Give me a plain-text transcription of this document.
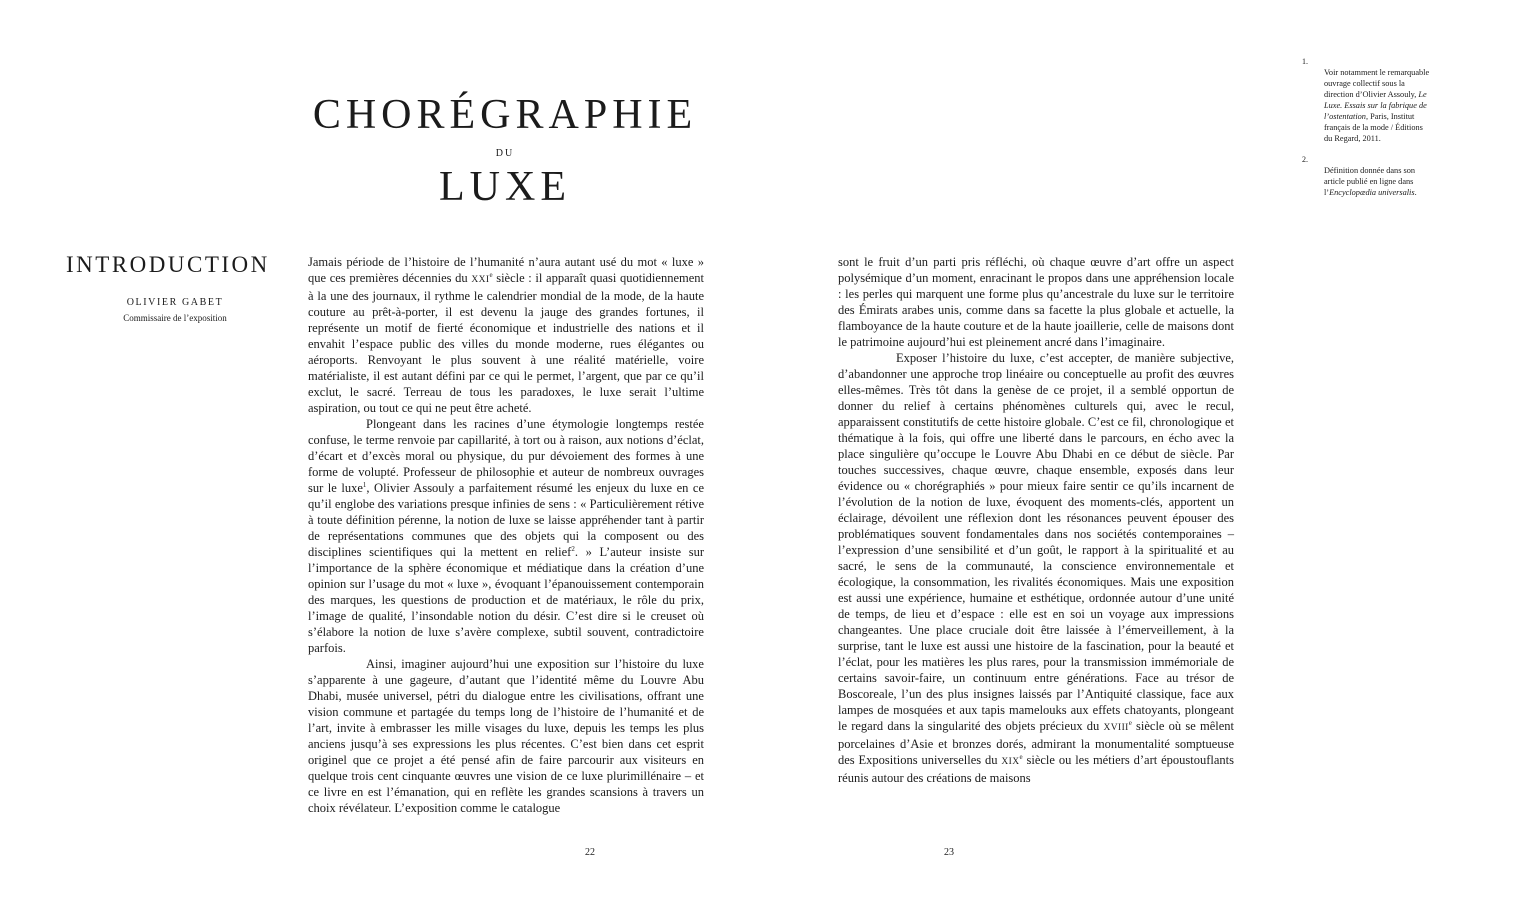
CHORÉGRAPHIE
DU
LUXE
INTRODUCTION
OLIVIER GABET
Commissaire de l’exposition

Jamais période de l’histoire de l’humanité n’aura autant usé du mot « luxe » que ces premières décennies du XXIe siècle : il apparaît quasi quotidiennement à la une des journaux, il rythme le calendrier mondial de la mode, de la haute couture au prêt-à-porter, il est devenu la jauge des grandes fortunes, il représente un motif de fierté économique et industrielle des nations et il envahit l’espace public des villes du monde moderne, rues élégantes ou aéroports. Renvoyant le plus souvent à une réalité matérielle, voire matérialiste, il est autant défini par ce qui le permet, l’argent, que par ce qu’il exclut, le sacré. Terreau de tous les paradoxes, le luxe serait l’ultime aspiration, ou tout ce qui ne peut être acheté.

Plongeant dans les racines d’une étymologie longtemps restée confuse, le terme renvoie par capillarité, à tort ou à raison, aux notions d’éclat, d’écart et d’excès moral ou physique, du pur dévoiement des formes à une forme de volupté. Professeur de philosophie et auteur de nombreux ouvrages sur le luxe$^1$, Olivier Assouly a parfaitement résumé les enjeux du luxe en ce qu’il englobe des variations presque infinies de sens : « Particulièrement rétive à toute définition pérenne, la notion de luxe se laisse appréhender tant à partir de représentations communes que des objets qui la composent ou des disciplines scientifiques qui la mettent en relief$^2$. » L’auteur insiste sur l’importance de la sphère économique et médiatique dans la création d’une opinion sur l’usage du mot « luxe », évoquant l’épanouissement contemporain des marques, les questions de production et de matériaux, le rôle du prix, l’image de qualité, l’insondable notion du désir. C’est dire si le creuset où s’élabore la notion de luxe s’avère complexe, subtil souvent, contradictoire parfois.

Ainsi, imaginer aujourd’hui une exposition sur l’histoire du luxe s’apparente à une gageure, d’autant que l’identité même du Louvre Abu Dhabi, musée universel, pétri du dialogue entre les civilisations, offrant une vision commune et partagée du temps long de l’histoire de l’humanité et de l’art, invite à embrasser les mille visages du luxe, depuis les temps les plus anciens jusqu’à ses expressions les plus récentes. C’est bien dans cet esprit originel que ce projet a été pensé afin de faire parcourir aux visiteurs en quelque trois cent cinquante œuvres une vision de ce luxe plurimillénaire – et ce livre en est l’émanation, qui en reflète les grandes scansions à travers un choix révélateur. L’exposition comme le catalogue

sont le fruit d’un parti pris réfléchi, où chaque œuvre d’art offre un aspect polysémique d’un moment, enracinant le propos dans une appréhension locale : les perles qui marquent une forme plus qu’ancestrale du luxe sur le territoire des Émirats arabes unis, comme dans sa facette la plus globale et actuelle, la flamboyance de la haute couture et de la haute joaillerie, celle de maisons dont le patrimoine aujourd’hui est pleinement ancré dans l’imaginaire.

Exposer l’histoire du luxe, c’est accepter, de manière subjective, d’abandonner une approche trop linéaire ou conceptuelle au profit des œuvres elles-mêmes. Très tôt dans la genèse de ce projet, il a semblé opportun de donner du relief à certains phénomènes culturels qui, avec le recul, apparaissent constitutifs de cette histoire globale. C’est ce fil, chronologique et thématique à la fois, qui offre une liberté dans le parcours, en écho avec la place singulière qu’occupe le Louvre Abu Dhabi en ce début de siècle. Par touches successives, chaque œuvre, chaque ensemble, exposés dans leur évidence ou « chorégraphiés » pour mieux faire sentir ce qu’ils incarnent de l’évolution de la notion de luxe, évoquent des moments-clés, apportent un éclairage, dévoilent une réflexion dont les résonances peuvent épouser des problématiques souvent fondamentales dans nos sociétés contemporaines – l’expression d’une sensibilité et d’un goût, le rapport à la spiritualité et au sacré, le sens de la communauté, la conscience environnementale et écologique, la consommation, les rivalités économiques. Mais une exposition est aussi une expérience, humaine et esthétique, ordonnée autour d’une unité de temps, de lieu et d’espace : elle est en soi un voyage aux impressions changeantes. Une place cruciale doit être laissée à l’émerveillement, à la surprise, tant le luxe est aussi une histoire de la fascination, pour la beauté et l’éclat, pour les matières les plus rares, pour la transmission immémoriale de certains savoir-faire, un continuum entre générations. Face au trésor de Boscoreale, l’un des plus insignes laissés par l’Antiquité classique, face aux lampes de mosquées et aux tapis mamelouks aux effets chatoyants, plongeant le regard dans la singularité des objets précieux du XVIIIe siècle où se mêlent porcelaines d’Asie et bronzes dorés, admirant la monumentalité somptueuse des Expositions universelles du XIXe siècle ou les métiers d’art époustouflants réunis autour des créations de maisons

22	23
1.
Voir notamment le remarquable ouvrage collectif sous la direction d’Olivier Assouly, Le Luxe. Essais sur la fabrique de l’ostentation, Paris, Institut français de la mode / Éditions du Regard, 2011.
2.
Définition donnée dans son article publié en ligne dans l’Encyclopædia universalis.
